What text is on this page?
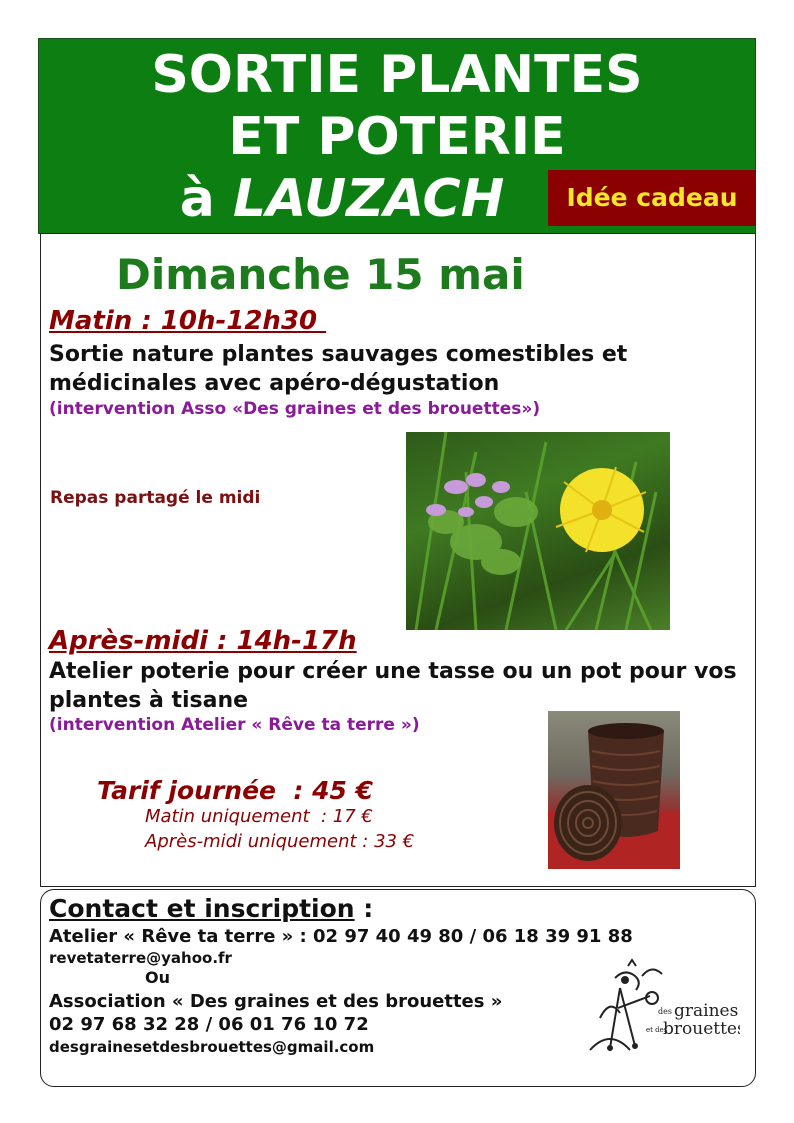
SORTIE PLANTES
ET POTERIE
à LAUZACH	Idée cadeau
Dimanche 15 mai
Matin : 10h-12h30
Sortie nature plantes sauvages comestibles et médicinales avec apéro-dégustation
(intervention Asso «Des graines et des brouettes»)
Repas partagé le midi
Après-midi : 14h-17h
Atelier poterie pour créer une tasse ou un pot pour vos plantes à tisane
(intervention Atelier « Rêve ta terre »)
Tarif journée  : 45 €
Matin uniquement  : 17 €
Après-midi uniquement : 33 €
Contact et inscription :
Atelier « Rêve ta terre » : 02 97 40 49 80 / 06 18 39 91 88
revetaterre@yahoo.fr
Ou
Association « Des graines et des brouettes »
02 97 68 32 28 / 06 01 76 10 72
desgrainesetdesbrouettes@gmail.com
des graines
et des
brouettes
